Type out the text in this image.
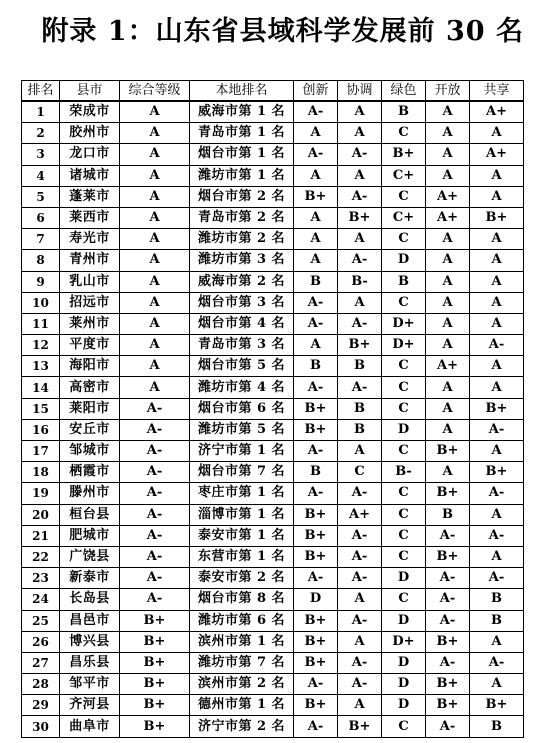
附录 1：山东省县域科学发展前 30 名
排名	县市	综合等级	本地排名	创新	协调	绿色	开放	共享
1	荣成市	A	威海市第 1 名	A-	A	B	A	A+
2	胶州市	A	青岛市第 1 名	A	A	C	A	A
3	龙口市	A	烟台市第 1 名	A-	A-	B+	A	A+
4	诸城市	A	潍坊市第 1 名	A	A	C+	A	A
5	蓬莱市	A	烟台市第 2 名	B+	A-	C	A+	A
6	莱西市	A	青岛市第 2 名	A	B+	C+	A+	B+
7	寿光市	A	潍坊市第 2 名	A	A	C	A	A
8	青州市	A	潍坊市第 3 名	A	A-	D	A	A
9	乳山市	A	威海市第 2 名	B	B-	B	A	A
10	招远市	A	烟台市第 3 名	A-	A	C	A	A
11	莱州市	A	烟台市第 4 名	A-	A-	D+	A	A
12	平度市	A	青岛市第 3 名	A	B+	D+	A	A-
13	海阳市	A	烟台市第 5 名	B	B	C	A+	A
14	高密市	A	潍坊市第 4 名	A-	A-	C	A	A
15	莱阳市	A-	烟台市第 6 名	B+	B	C	A	B+
16	安丘市	A-	潍坊市第 5 名	B+	B	D	A	A-
17	邹城市	A-	济宁市第 1 名	A-	A	C	B+	A
18	栖霞市	A-	烟台市第 7 名	B	C	B-	A	B+
19	滕州市	A-	枣庄市第 1 名	A-	A-	C	B+	A-
20	桓台县	A-	淄博市第 1 名	B+	A+	C	B	A
21	肥城市	A-	泰安市第 1 名	B+	A-	C	A-	A-
22	广饶县	A-	东营市第 1 名	B+	A-	C	B+	A
23	新泰市	A-	泰安市第 2 名	A-	A-	D	A-	A-
24	长岛县	A-	烟台市第 8 名	D	A	C	A-	B
25	昌邑市	B+	潍坊市第 6 名	B+	A-	D	A-	B
26	博兴县	B+	滨州市第 1 名	B+	A	D+	B+	A
27	昌乐县	B+	潍坊市第 7 名	B+	A-	D	A-	A-
28	邹平市	B+	滨州市第 2 名	A-	A-	D	B+	A
29	齐河县	B+	德州市第 1 名	B+	A	D	B+	B+
30	曲阜市	B+	济宁市第 2 名	A-	B+	C	A-	B
